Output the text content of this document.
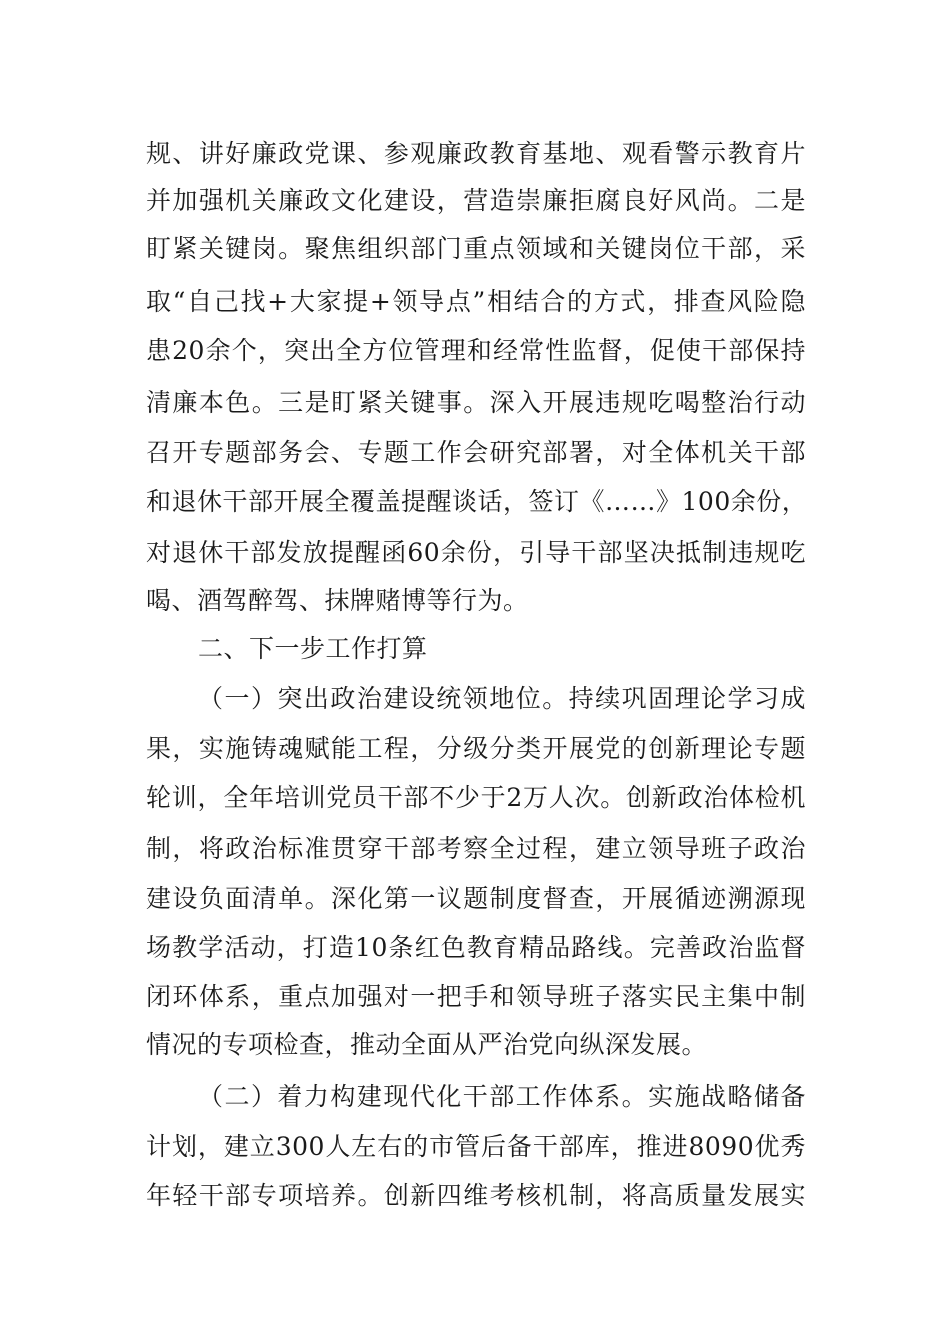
规、讲好廉政党课、参观廉政教育基地、观看警示教育片
并加强机关廉政文化建设，营造崇廉拒腐良好风尚。二是
盯紧关键岗。聚焦组织部门重点领域和关键岗位干部，采
取“自己找+大家提+领导点”相结合的方式，排查风险隐
患20余个，突出全方位管理和经常性监督，促使干部保持
清廉本色。三是盯紧关键事。深入开展违规吃喝整治行动
召开专题部务会、专题工作会研究部署，对全体机关干部
和退休干部开展全覆盖提醒谈话，签订《……》100余份，
对退休干部发放提醒函60余份，引导干部坚决抵制违规吃
喝、酒驾醉驾、抹牌赌博等行为。
二、下一步工作打算
（一）突出政治建设统领地位。持续巩固理论学习成
果，实施铸魂赋能工程，分级分类开展党的创新理论专题
轮训，全年培训党员干部不少于2万人次。创新政治体检机
制，将政治标准贯穿干部考察全过程，建立领导班子政治
建设负面清单。深化第一议题制度督查，开展循迹溯源现
场教学活动，打造10条红色教育精品路线。完善政治监督
闭环体系，重点加强对一把手和领导班子落实民主集中制
情况的专项检查，推动全面从严治党向纵深发展。
（二）着力构建现代化干部工作体系。实施战略储备
计划，建立300人左右的市管后备干部库，推进8090优秀
年轻干部专项培养。创新四维考核机制，将高质量发展实
